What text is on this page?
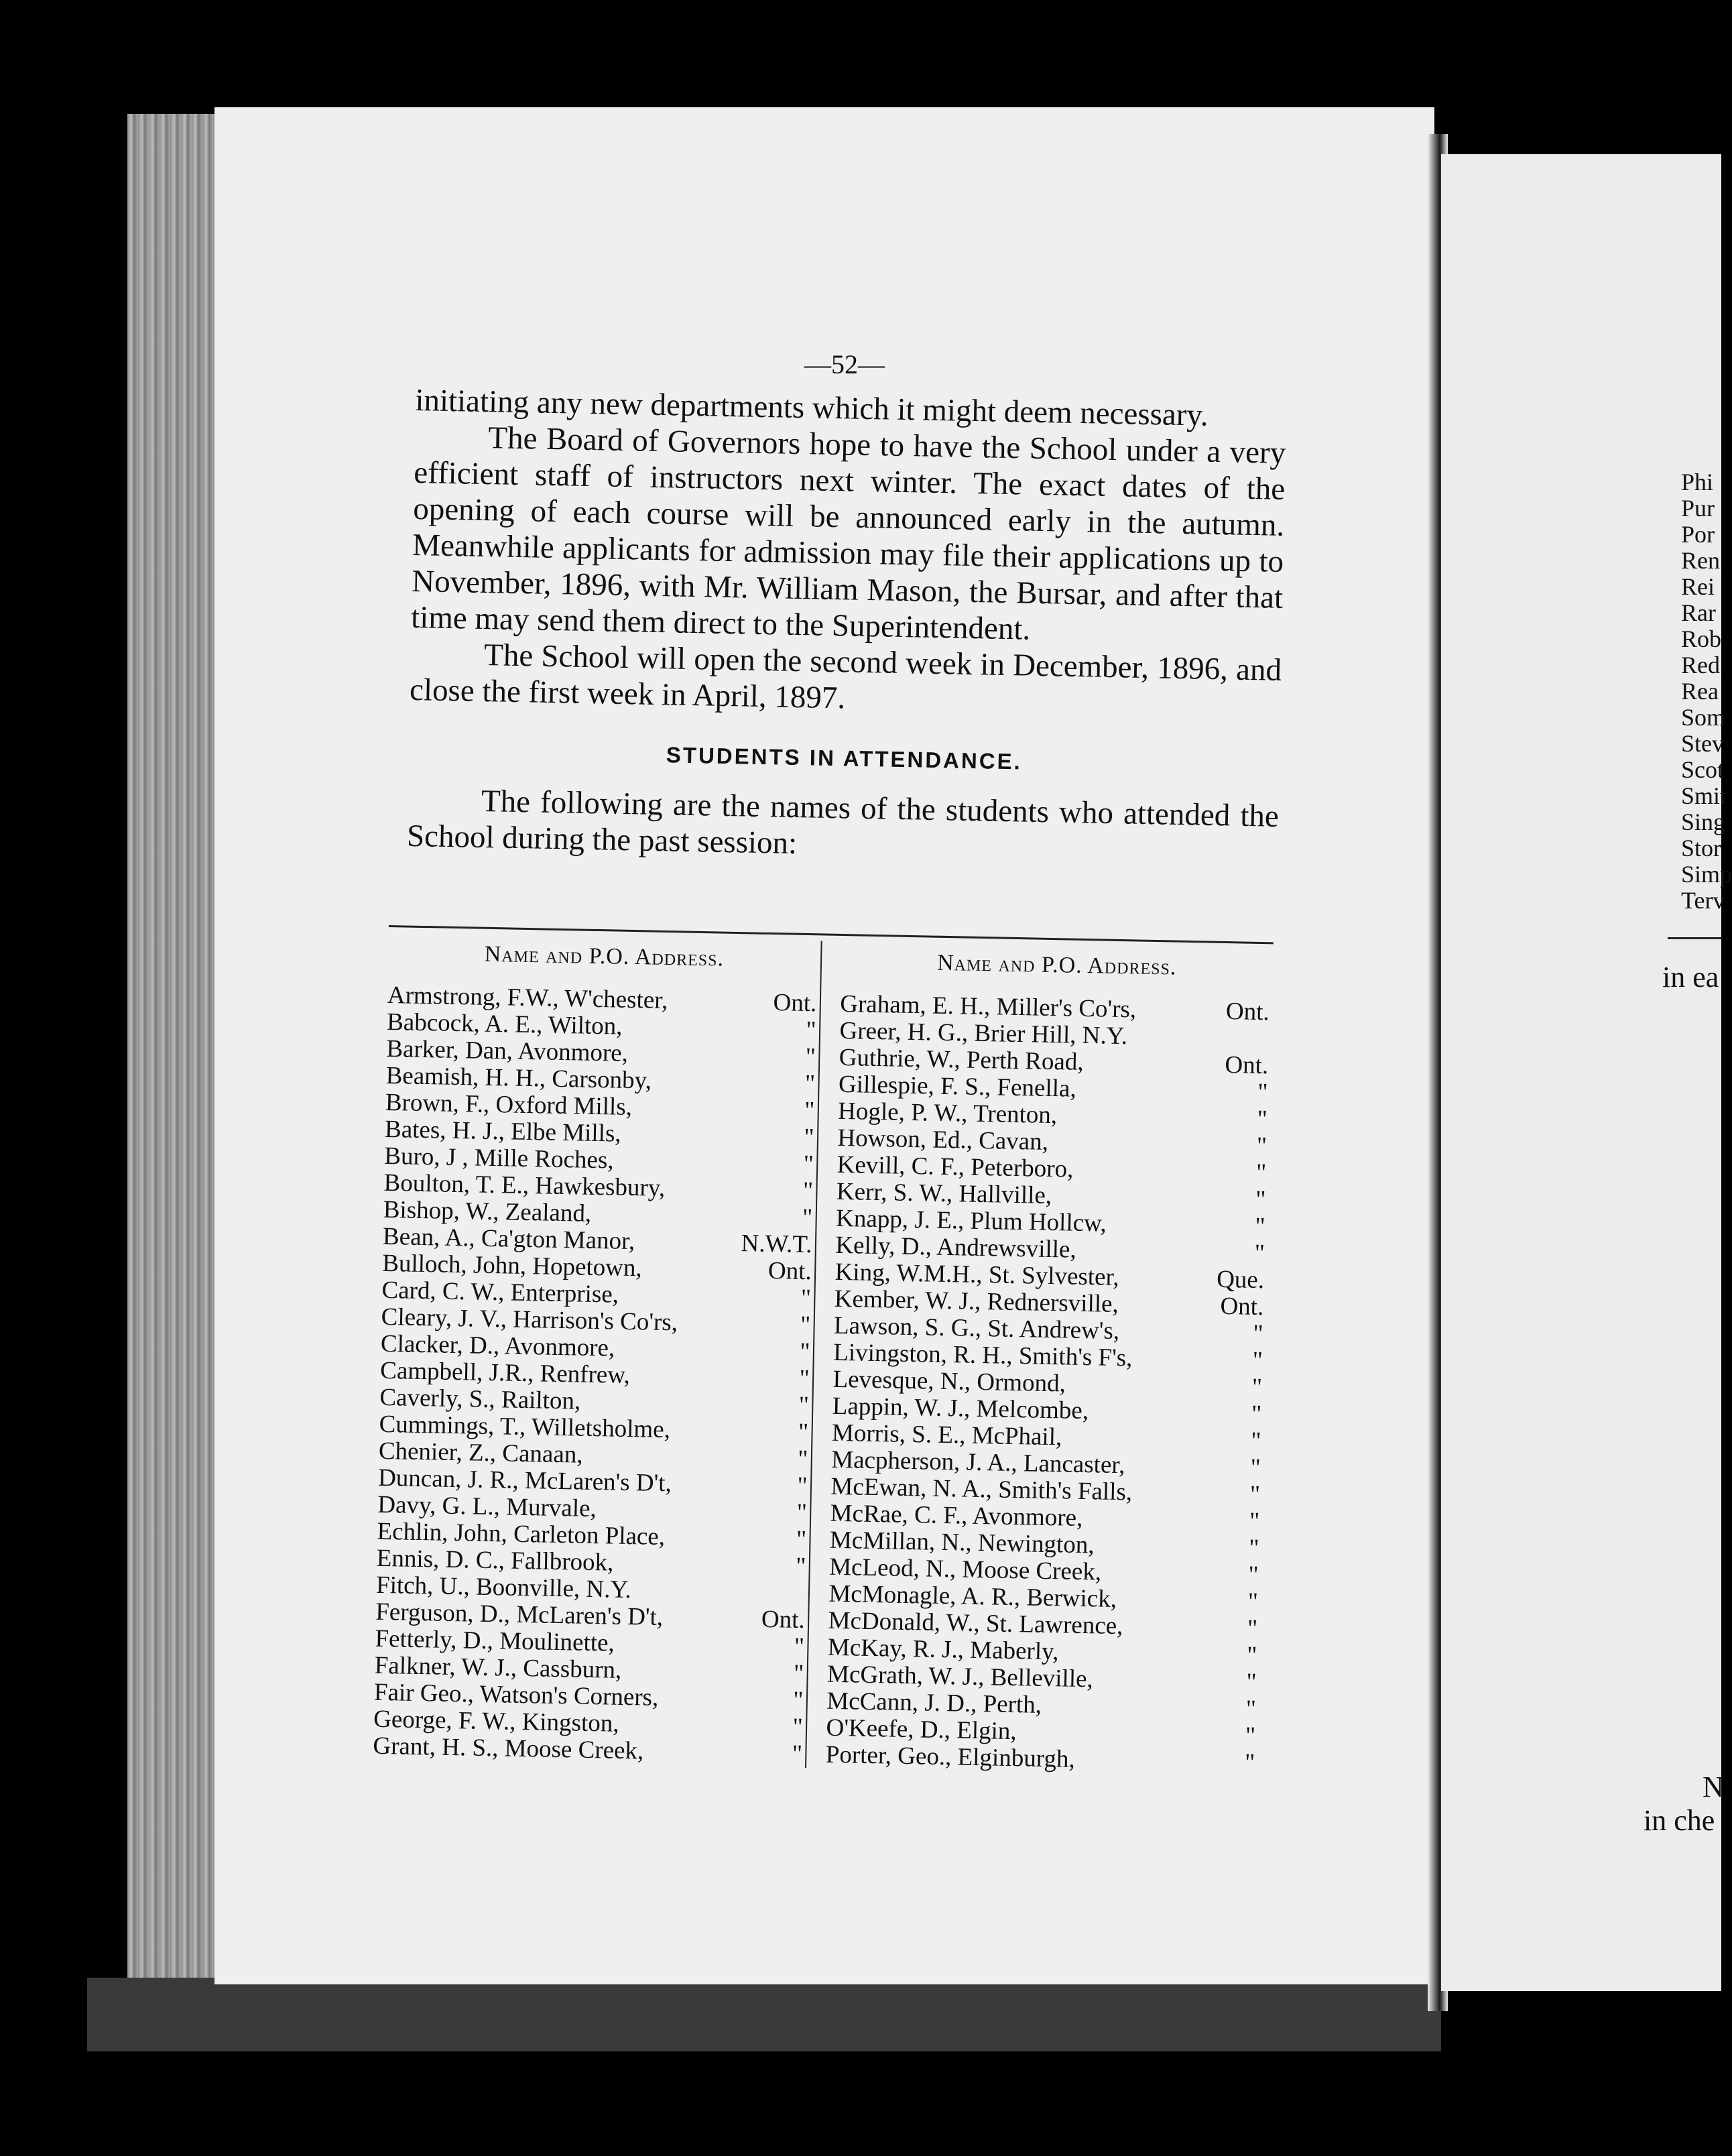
—52—

initiating any new departments which it might deem necessary.

The Board of Governors hope to have the School under a very efficient staff of instructors next winter. The exact dates of the opening of each course will be announced early in the autumn. Meanwhile applicants for admission may file their applications up to November, 1896, with Mr. William Mason, the Bursar, and after that time may send them direct to the Superintendent.

The School will open the second week in December, 1896, and close the first week in April, 1897.

STUDENTS IN ATTENDANCE.

The following are the names of the students who attended the School during the past session:

Name and P.O. Address.
Armstrong, F.W., W'chester,	Ont.
Babcock, A. E., Wilton,	"
Barker, Dan, Avonmore,	"
Beamish, H. H., Carsonby,	"
Brown, F., Oxford Mills,	"
Bates, H. J., Elbe Mills,	"
Burо, J , Mille Roches,	"
Boulton, T. E., Hawkesbury,	"
Bishop, W., Zealand,	"
Bean, A., Ca'gton Manor,	N.W.T.
Bulloch, John, Hopetown,	Ont.
Card, C. W., Enterprise,	"
Cleary, J. V., Harrison's Co'rs,	"
Clacker, D., Avonmore,	"
Campbell, J.R., Renfrew,	"
Caverly, S., Railton,	"
Cummings, T., Willetsholme,	"
Chenier, Z., Canaan,	"
Duncan, J. R., McLaren's D't,	"
Davy, G. L., Murvale,	"
Echlin, John, Carleton Place,	"
Ennis, D. C., Fallbrook,	"
Fitch, U., Boonville, N.Y.
Ferguson, D., McLaren's D't,	Ont.
Fetterly, D., Moulinette,	"
Falkner, W. J., Cassburn,	"
Fair Geo., Watson's Corners,	"
George, F. W., Kingston,	"
Grant, H. S., Moose Creek,	"
Name and P.O. Address.
Graham, E. H., Miller's Co'rs,	Ont.
Greer, H. G., Brier Hill, N.Y.
Guthrie, W., Perth Road,	Ont.
Gillespie, F. S., Fenella,	"
Hogle, P. W., Trenton,	"
Howson, Ed., Cavan,	"
Kevill, C. F., Peterboro,	"
Kerr, S. W., Hallville,	"
Knapp, J. E., Plum Hollcw,	"
Kelly, D., Andrewsville,	"
King, W.M.H., St. Sylvester,	Que.
Kember, W. J., Rednersville,	Ont.
Lawson, S. G., St. Andrew's,	"
Livingston, R. H., Smith's F's,	"
Levesque, N., Ormond,	"
Lappin, W. J., Melcombe,	"
Morris, S. E., McPhail,	"
Macpherson, J. A., Lancaster,	"
McEwan, N. A., Smith's Falls,	"
McRae, C. F., Avonmore,	"
McMillan, N., Newington,	"
McLeod, N., Moose Creek,	"
McMonagle, A. R., Berwick,	"
McDonald, W., St. Lawrence,	"
McKay, R. J., Maberly,	"
McGrath, W. J., Belleville,	"
McCann, J. D., Perth,	"
O'Keefe, D., Elgin,	"
Porter, Geo., Elginburgh,	"
Phi
Pur
Por
Ren
Rei
Rar
Rob
Red
Rea
Som
Stev
Scot
Smit
Sing
Stor
Simp
Terv
in ea
N
in che
